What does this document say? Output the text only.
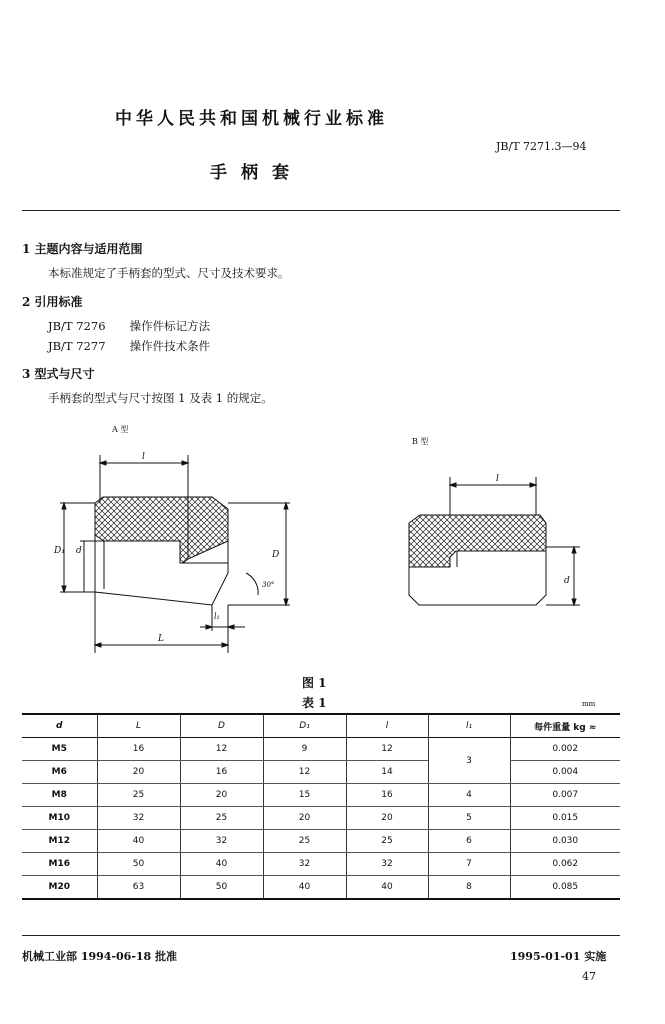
中华人民共和国机械行业标准
JB/T 7271.3—94
手柄套
1 主题内容与适用范围
本标准规定了手柄套的型式、尺寸及技术要求。
2 引用标准
JB/T 7276 操作件标记方法
JB/T 7277 操作件技术条件
3 型式与尺寸
手柄套的型式与尺寸按图 1 及表 1 的规定。
l
D₁ d	D
30°
l₁
L
l
d
A 型
B 型
图 1
表 1	mm
d	L	D	D₁	l	l₁	每件重量 kg ≈
M5	16	12	9	12	3	0.002
M6	20	16	12	14		0.004
M8	25	20	15	16	4	0.007
M10	32	25	20	20	5	0.015
M12	40	32	25	25	6	0.030
M16	50	40	32	32	7	0.062
M20	63	50	40	40	8	0.085
机械工业部 1994-06-18 批准	1995-01-01 实施
47
